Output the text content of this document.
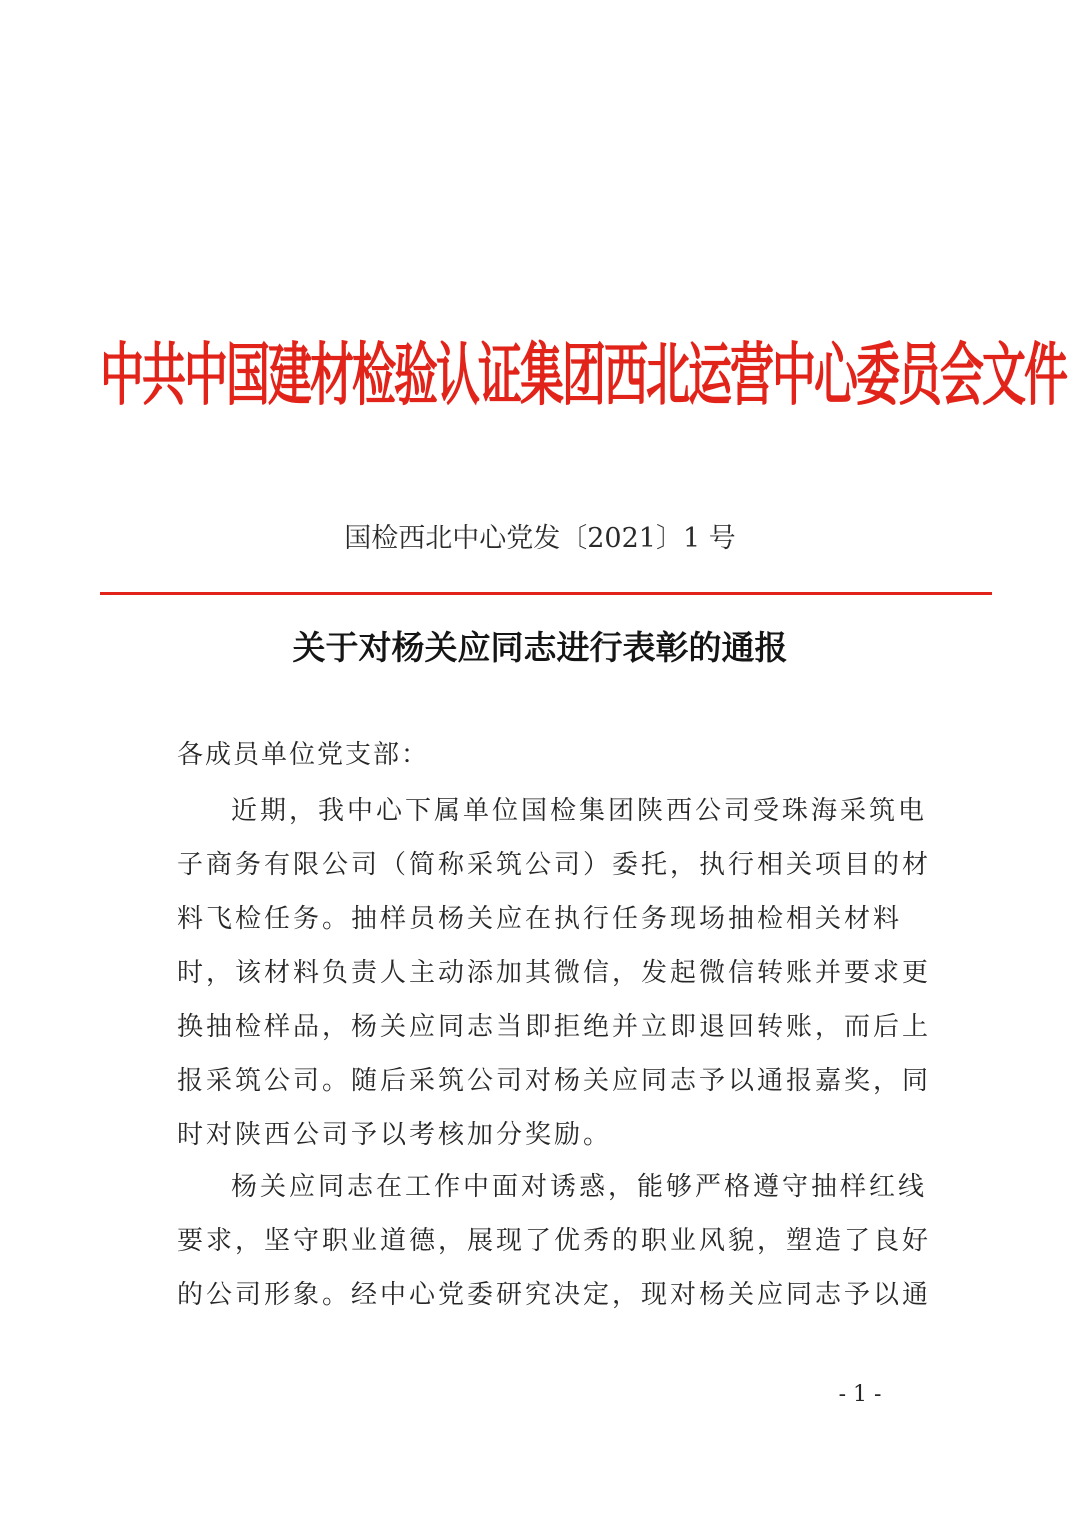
中共中国建材检验认证集团西北运营中心委员会文件
国检西北中心党发〔2021〕1 号
关于对杨关应同志进行表彰的通报
各成员单位党支部：
近期，我中心下属单位国检集团陕西公司受珠海采筑电
子商务有限公司（简称采筑公司）委托，执行相关项目的材
料飞检任务。抽样员杨关应在执行任务现场抽检相关材料
时，该材料负责人主动添加其微信，发起微信转账并要求更
换抽检样品，杨关应同志当即拒绝并立即退回转账，而后上
报采筑公司。随后采筑公司对杨关应同志予以通报嘉奖，同
时对陕西公司予以考核加分奖励。
杨关应同志在工作中面对诱惑，能够严格遵守抽样红线
要求，坚守职业道德，展现了优秀的职业风貌，塑造了良好
的公司形象。经中心党委研究决定，现对杨关应同志予以通
- 1 -
